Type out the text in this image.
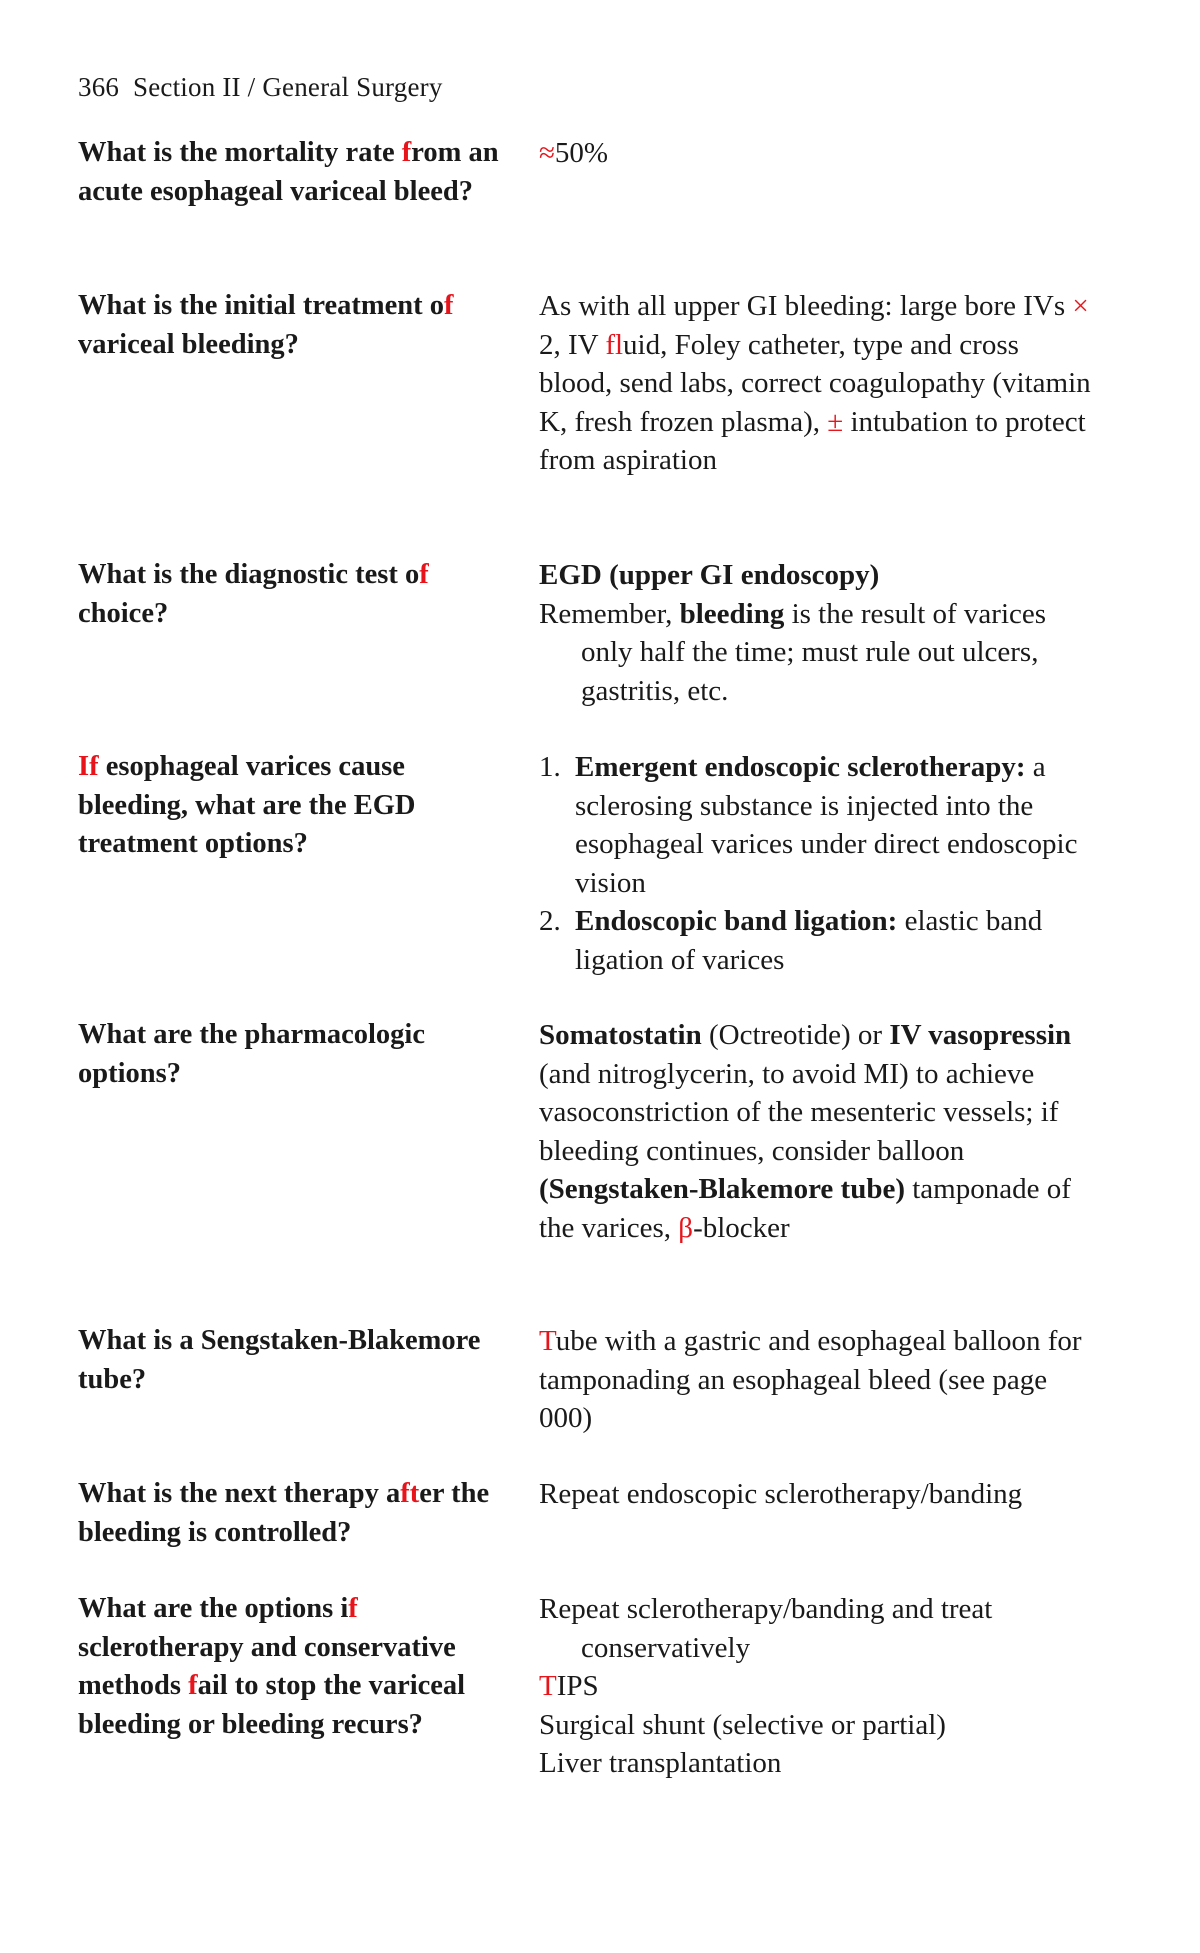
366 Section II / General Surgery
What is the mortality rate from an acute esophageal variceal bleed?
≈50%
What is the initial treatment of variceal bleeding?
As with all upper GI bleeding: large bore IVs × 2, IV fluid, Foley catheter, type and cross blood, send labs, correct coagulopathy (vitamin K, fresh frozen plasma), ± intubation to protect from aspiration
What is the diagnostic test of choice?

EGD (upper GI endoscopy)

Remember, bleeding is the result of varices only half the time; must rule out ulcers, gastritis, etc.

If esophageal varices cause bleeding, what are the EGD treatment options?
1. Emergent endoscopic sclerotherapy: a sclerosing substance is injected into the esophageal varices under direct endoscopic vision
2. Endoscopic band ligation: elastic band ligation of varices
What are the pharmacologic options?
Somatostatin (Octreotide) or IV vasopressin (and nitroglycerin, to avoid MI) to achieve vasoconstriction of the mesenteric vessels; if bleeding continues, consider balloon (Sengstaken-Blakemore tube) tamponade of the varices, β-blocker
What is a Sengstaken-Blakemore tube?
Tube with a gastric and esophageal balloon for tamponading an esophageal bleed (see page 000)
What is the next therapy after the bleeding is controlled?
Repeat endoscopic sclerotherapy/banding
What are the options if sclerotherapy and conservative methods fail to stop the variceal bleeding or bleeding recurs?

Repeat sclerotherapy/banding and treat conservatively

TIPS

Surgical shunt (selective or partial)

Liver transplantation
